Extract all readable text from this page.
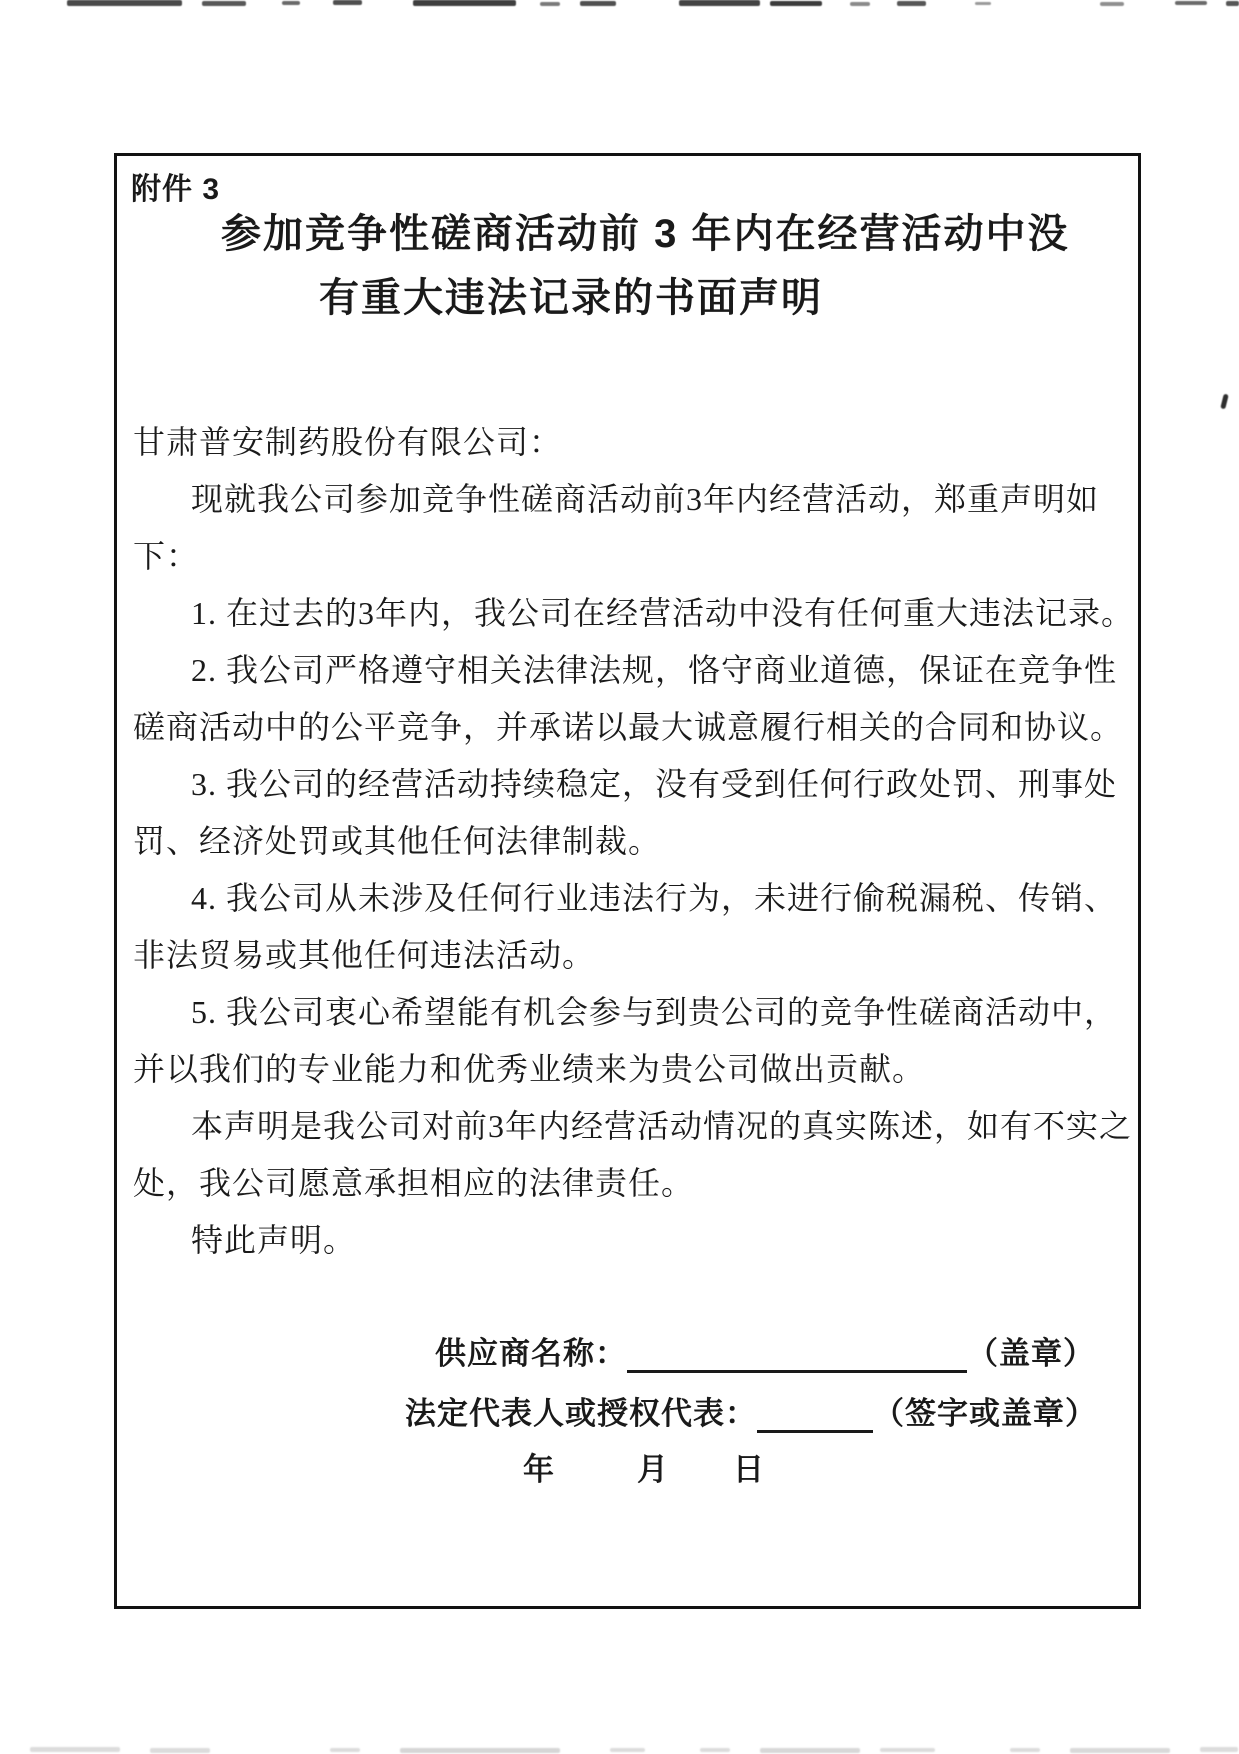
附件 3
参加竞争性磋商活动前 3 年内在经营活动中没
有重大违法记录的书面声明
甘肃普安制药股份有限公司：
现就我公司参加竞争性磋商活动前3年内经营活动，郑重声明如
下：
1. 在过去的3年内，我公司在经营活动中没有任何重大违法记录。
2. 我公司严格遵守相关法律法规，恪守商业道德，保证在竞争性
磋商活动中的公平竞争，并承诺以最大诚意履行相关的合同和协议。
3. 我公司的经营活动持续稳定，没有受到任何行政处罚、刑事处
罚、经济处罚或其他任何法律制裁。
4. 我公司从未涉及任何行业违法行为，未进行偷税漏税、传销、
非法贸易或其他任何违法活动。
5. 我公司衷心希望能有机会参与到贵公司的竞争性磋商活动中，
并以我们的专业能力和优秀业绩来为贵公司做出贡献。
本声明是我公司对前3年内经营活动情况的真实陈述，如有不实之
处，我公司愿意承担相应的法律责任。
特此声明。
供应商名称：	（盖章）
法定代表人或授权代表：	（签字或盖章）
年	月 日
